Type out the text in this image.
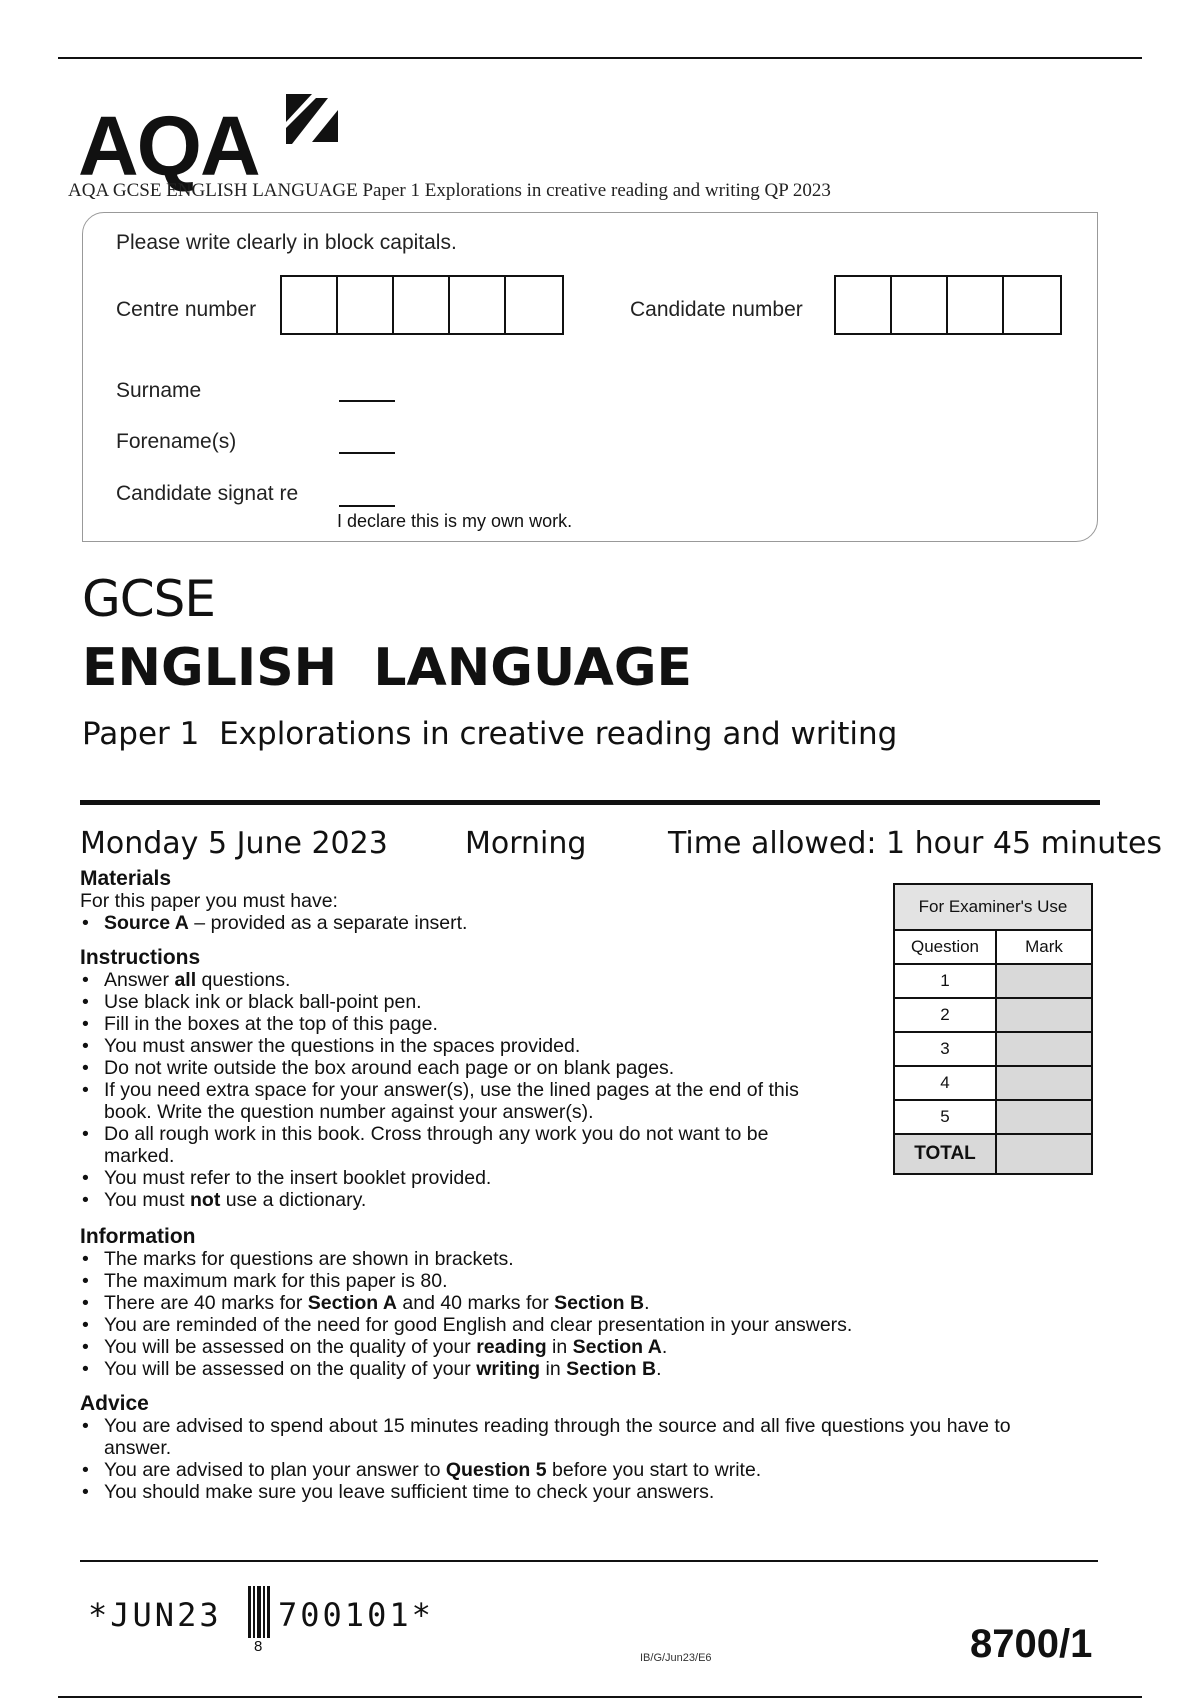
AQA
AQA GCSE ENGLISH LANGUAGE Paper 1 Explorations in creative reading and writing QP 2023
Please write clearly in block capitals.
Centre number	Candidate number
Surname
Forename(s)
Candidate signat re
I declare this is my own work.
GCSE
ENGLISH  LANGUAGE
Paper 1  Explorations in creative reading and writing
Monday 5 June 2023	Morning	Time allowed: 1 hour 45 minutes
Materials
For this paper you must have:
• Source A – provided as a separate insert.
Instructions
• Answer all questions.
• Use black ink or black ball-point pen.
• Fill in the boxes at the top of this page.
• You must answer the questions in the spaces provided.
• Do not write outside the box around each page or on blank pages.
• If you need extra space for your answer(s), use the lined pages at the end of this book. Write the question number against your answer(s).
• Do all rough work in this book. Cross through any work you do not want to be marked.
• You must refer to the insert booklet provided.
• You must not use a dictionary.
Information
• The marks for questions are shown in brackets.
• The maximum mark for this paper is 80.
• There are 40 marks for Section A and 40 marks for Section B.
• You are reminded of the need for good English and clear presentation in your answers.
• You will be assessed on the quality of your reading in Section A.
• You will be assessed on the quality of your writing in Section B.
Advice
• You are advised to spend about 15 minutes reading through the source and all five questions you have to answer.
• You are advised to plan your answer to Question 5 before you start to write.
• You should make sure you leave sufficient time to check your answers.
For Examiner's Use	
Question	Mark
1	
2	
3	
4	
5	
TOTAL	
*JUN23
8
700101*
IB/G/Jun23/E6	8700/1
